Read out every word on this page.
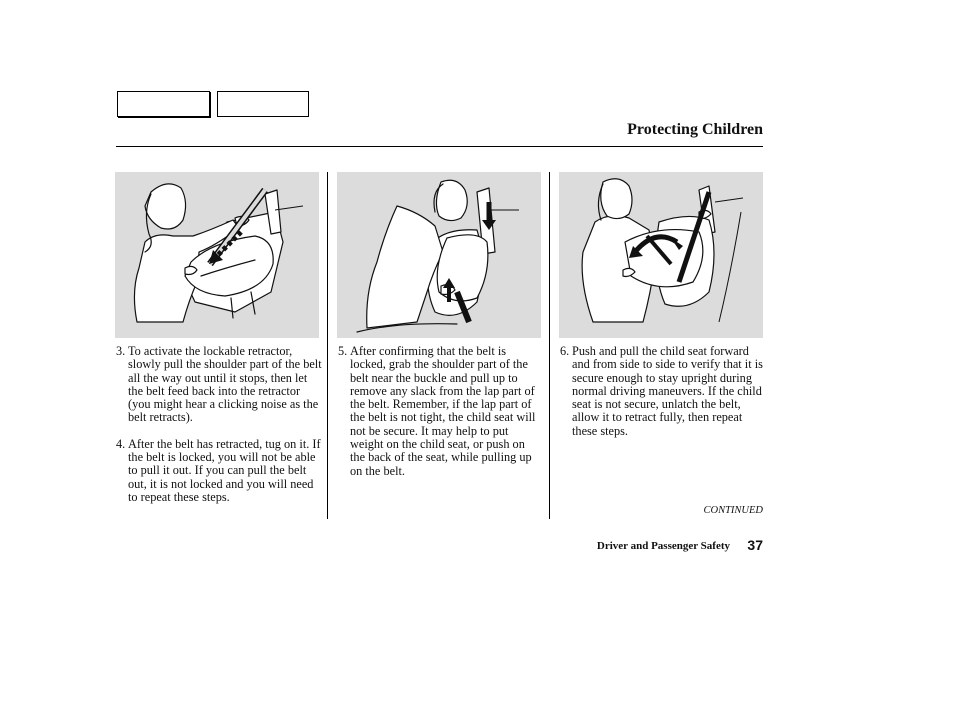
Protecting Children
3. To activate the lockable retractor, slowly pull the shoulder part of the belt all the way out until it stops, then let the belt feed back into the retractor (you might hear a clicking noise as the belt retracts).
4. After the belt has retracted, tug on it. If the belt is locked, you will not be able to pull it out. If you can pull the belt out, it is not locked and you will need to repeat these steps.
5. After confirming that the belt is locked, grab the shoulder part of the belt near the buckle and pull up to remove any slack from the lap part of the belt. Remember, if the lap part of the belt is not tight, the child seat will not be secure. It may help to put weight on the child seat, or push on the back of the seat, while pulling up on the belt.
6. Push and pull the child seat forward and from side to side to verify that it is secure enough to stay upright during normal driving maneuvers. If the child seat is not secure, unlatch the belt, allow it to retract fully, then repeat these steps.
CONTINUED
Driver and Passenger Safety 37
